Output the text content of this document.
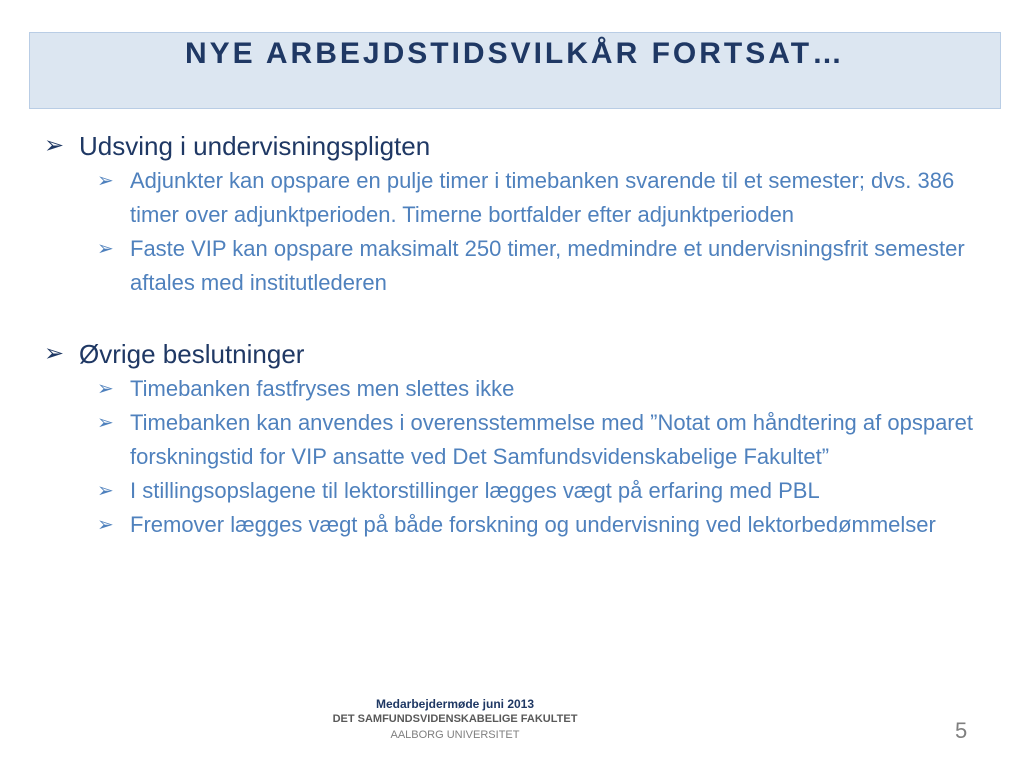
NYE ARBEJDSTIDSVILKÅR FORTSAT…
➢ Udsving i undervisningspligten
➢ Adjunkter kan opspare en pulje timer i timebanken svarende til et semester; dvs. 386 timer over adjunktperioden. Timerne bortfalder efter adjunktperioden
➢ Faste VIP kan opspare maksimalt 250 timer, medmindre et undervisningsfrit semester aftales med institutlederen
➢ Øvrige beslutninger
➢ Timebanken fastfryses men slettes ikke
➢ Timebanken kan anvendes i overensstemmelse med ”Notat om håndtering af opsparet forskningstid for VIP ansatte ved Det Samfundsvidenskabelige Fakultet”
➢ I stillingsopslagene til lektorstillinger lægges vægt på erfaring med PBL
➢ Fremover lægges vægt på både forskning og undervisning ved lektorbedømmelser
Medarbejdermøde juni 2013
DET SAMFUNDSVIDENSKABELIGE FAKULTET
AALBORG UNIVERSITET	5
